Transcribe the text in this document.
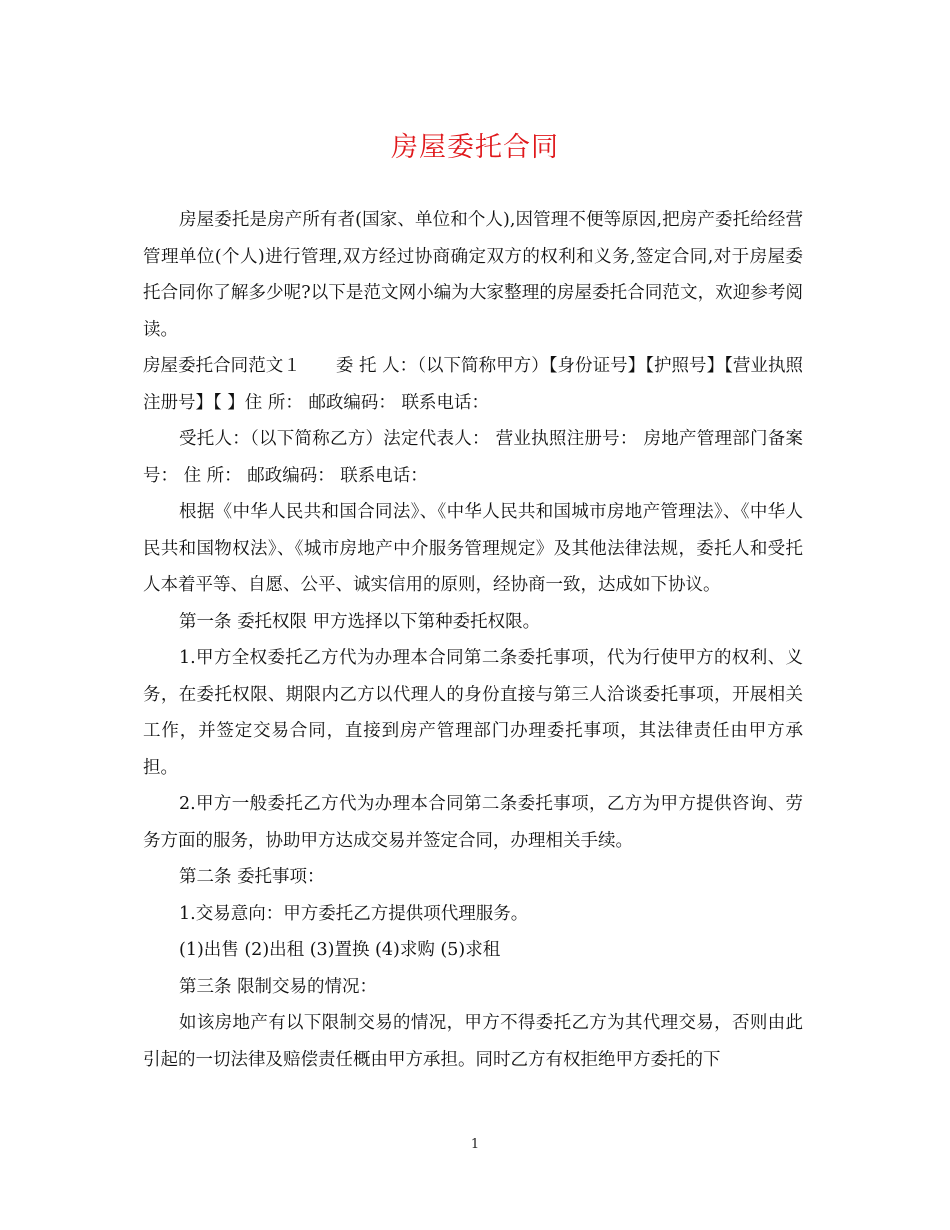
房屋委托合同

房屋委托是房产所有者(国家、单位和个人),因管理不便等原因,把房产委托给经营管理单位(个人)进行管理,双方经过协商确定双方的权利和义务,签定合同,对于房屋委托合同你了解多少呢?以下是范文网小编为大家整理的房屋委托合同范文，欢迎参考阅读。

房屋委托合同范文１　　委 托 人：（以下简称甲方）【身份证号】【护照号】【营业执照注册号】【 】住 所： 邮政编码： 联系电话：

受托人：（以下简称乙方）法定代表人： 营业执照注册号： 房地产管理部门备案号： 住 所： 邮政编码： 联系电话：

根据《中华人民共和国合同法》、《中华人民共和国城市房地产管理法》、《中华人民共和国物权法》、《城市房地产中介服务管理规定》及其他法律法规，委托人和受托人本着平等、自愿、公平、诚实信用的原则，经协商一致，达成如下协议。

第一条 委托权限 甲方选择以下第种委托权限。

1.甲方全权委托乙方代为办理本合同第二条委托事项，代为行使甲方的权利、义务，在委托权限、期限内乙方以代理人的身份直接与第三人洽谈委托事项，开展相关工作，并签定交易合同，直接到房产管理部门办理委托事项，其法律责任由甲方承担。

2.甲方一般委托乙方代为办理本合同第二条委托事项，乙方为甲方提供咨询、劳务方面的服务，协助甲方达成交易并签定合同，办理相关手续。

第二条 委托事项：

1.交易意向：甲方委托乙方提供项代理服务。

(1)出售 (2)出租 (3)置换 (4)求购 (5)求租

第三条 限制交易的情况：

如该房地产有以下限制交易的情况，甲方不得委托乙方为其代理交易，否则由此引起的一切法律及赔偿责任概由甲方承担。同时乙方有权拒绝甲方委托的下

1
